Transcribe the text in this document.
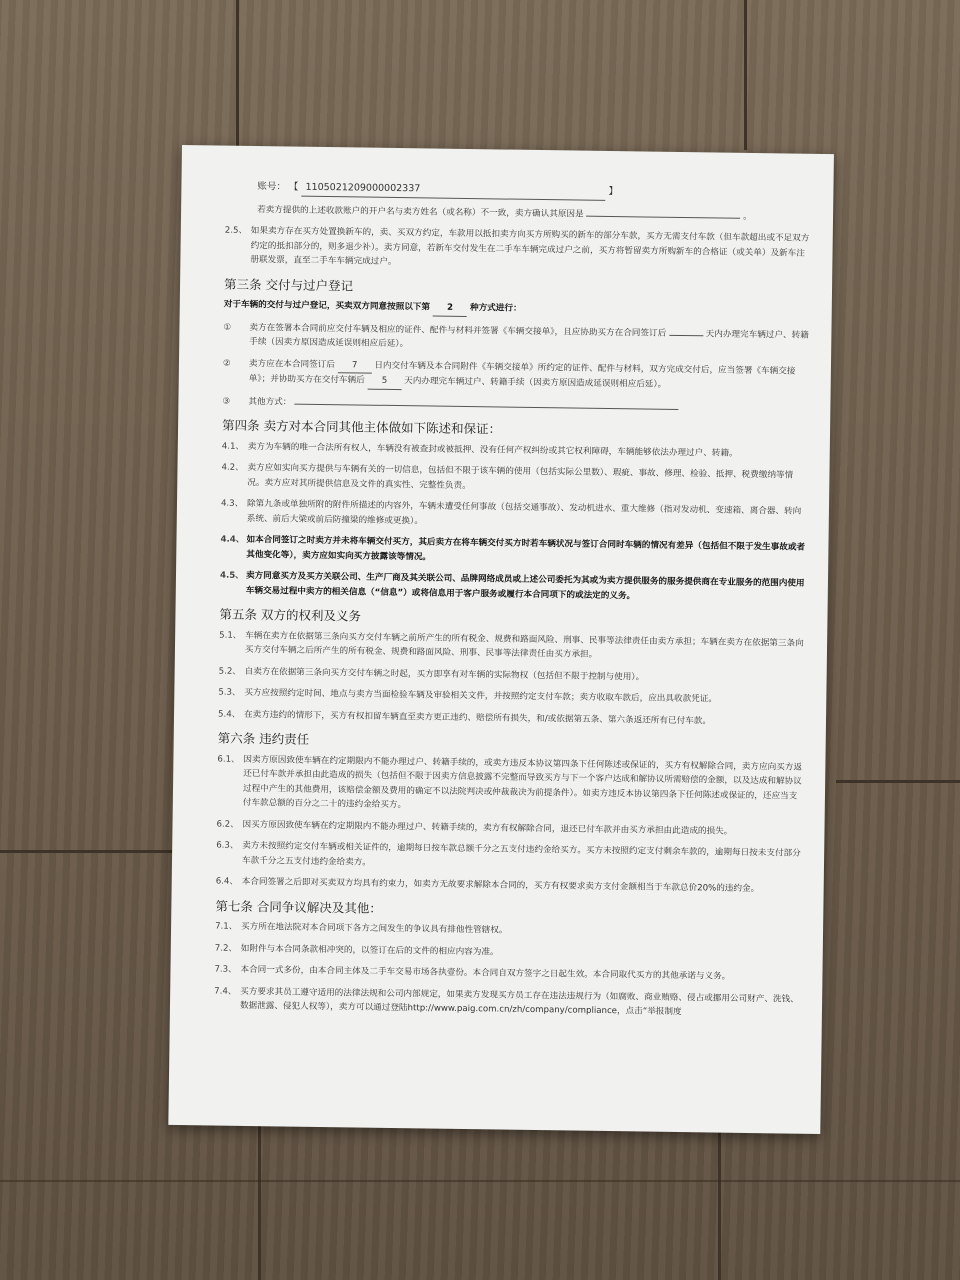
账号： 【 1105021209000002337	】
若卖方提供的上述收款账户的开户名与卖方姓名（或名称）不一致，卖方确认其原因是	。
2.5、 如果卖方存在买方处置换新车的，卖、买双方约定，车款用以抵扣卖方向买方所购买的新车的部分车款，买方无需支付车款（但车款超出或不足双方约定的抵扣部分的，则多退少补）。卖方同意，若新车交付发生在二手车车辆完成过户之前，买方将暂留卖方所购新车的合格证（或关单）及新车注册联发票，直至二手车车辆完成过户。
第三条 交付与过户登记
对于车辆的交付与过户登记，买卖双方同意按照以下第 2 种方式进行：
①	卖方在签署本合同前应交付车辆及相应的证件、配件与材料并签署《车辆交接单》，且应协助买方在合同签订后	天内办理完车辆过户、转籍手续（因卖方原因造成延误则相应后延）。
②	卖方应在本合同签订后 7 日内交付车辆及本合同附件《车辆交接单》所约定的证件、配件与材料，双方完成交付后，应当签署《车辆交接单》；并协助买方在交付车辆后 5 天内办理完车辆过户、转籍手续（因卖方原因造成延误则相应后延）。
③	其他方式：
第四条 卖方对本合同其他主体做如下陈述和保证：
4.1、 卖方为车辆的唯一合法所有权人，车辆没有被查封或被抵押、没有任何产权纠纷或其它权利障碍，车辆能够依法办理过户、转籍。
4.2、 卖方应如实向买方提供与车辆有关的一切信息，包括但不限于该车辆的使用（包括实际公里数）、瑕疵、事故、修理、检验、抵押、税费缴纳等情况。卖方应对其所提供信息及文件的真实性、完整性负责。
4.3、 除第九条或单独所附的附件所描述的内容外，车辆未遭受任何事故（包括交通事故）、发动机进水、重大维修（指对发动机、变速箱、离合器、转向系统、前后大梁或前后防撞梁的维修或更换）。
4.4、 如本合同签订之时卖方并未将车辆交付买方，其后卖方在将车辆交付买方时若车辆状况与签订合同时车辆的情况有差异（包括但不限于发生事故或者其他变化等），卖方应如实向买方披露该等情况。
4.5、 卖方同意买方及买方关联公司、生产厂商及其关联公司、品牌网络成员或上述公司委托为其或为卖方提供服务的服务提供商在专业服务的范围内使用车辆交易过程中卖方的相关信息（“信息”）或将信息用于客户服务或履行本合同项下的或法定的义务。
第五条 双方的权利及义务
5.1、 车辆在卖方在依据第三条向买方交付车辆之前所产生的所有税金、规费和路面风险、刑事、民事等法律责任由卖方承担；车辆在卖方在依据第三条向买方交付车辆之后所产生的所有税金、规费和路面风险、刑事、民事等法律责任由买方承担。
5.2、 自卖方在依据第三条向买方交付车辆之时起，买方即享有对车辆的实际物权（包括但不限于控制与使用）。
5.3、 买方应按照约定时间、地点与卖方当面检验车辆及审验相关文件，并按照约定支付车款；卖方收取车款后，应出具收款凭证。
5.4、 在卖方违约的情形下，买方有权扣留车辆直至卖方更正违约、赔偿所有损失，和/或依据第五条、第六条返还所有已付车款。
第六条 违约责任
6.1、 因卖方原因致使车辆在约定期限内不能办理过户、转籍手续的，或卖方违反本协议第四条下任何陈述或保证的，买方有权解除合同，卖方应向买方返还已付车款并承担由此造成的损失（包括但不限于因卖方信息披露不完整而导致买方与下一个客户达成和解协议所需赔偿的金额，以及达成和解协议过程中产生的其他费用，该赔偿金额及费用的确定不以法院判决或仲裁裁决为前提条件）。如卖方违反本协议第四条下任何陈述或保证的，还应当支付车款总额的百分之二十的违约金给买方。
6.2、 因买方原因致使车辆在约定期限内不能办理过户、转籍手续的，卖方有权解除合同，退还已付车款并由买方承担由此造成的损失。
6.3、 卖方未按照约定交付车辆或相关证件的，逾期每日按车款总额千分之五支付违约金给买方。买方未按照约定支付剩余车款的，逾期每日按未支付部分车款千分之五支付违约金给卖方。
6.4、 本合同签署之后即对买卖双方均具有约束力，如卖方无故要求解除本合同的，买方有权要求卖方支付金额相当于车款总价20%的违约金。
第七条 合同争议解决及其他：
7.1、 买方所在地法院对本合同项下各方之间发生的争议具有排他性管辖权。
7.2、 如附件与本合同条款相冲突的，以签订在后的文件的相应内容为准。
7.3、 本合同一式多份，由本合同主体及二手车交易市场各执壹份。本合同自双方签字之日起生效。本合同取代买方的其他承诺与义务。
7.4、 买方要求其员工遵守适用的法律法规和公司内部规定，如果卖方发现买方员工存在违法违规行为（如腐败、商业贿赂、侵占或挪用公司财产、洗钱、数据泄露、侵犯人权等），卖方可以通过登陆http://www.paig.com.cn/zh/company/compliance，点击“举报制度
